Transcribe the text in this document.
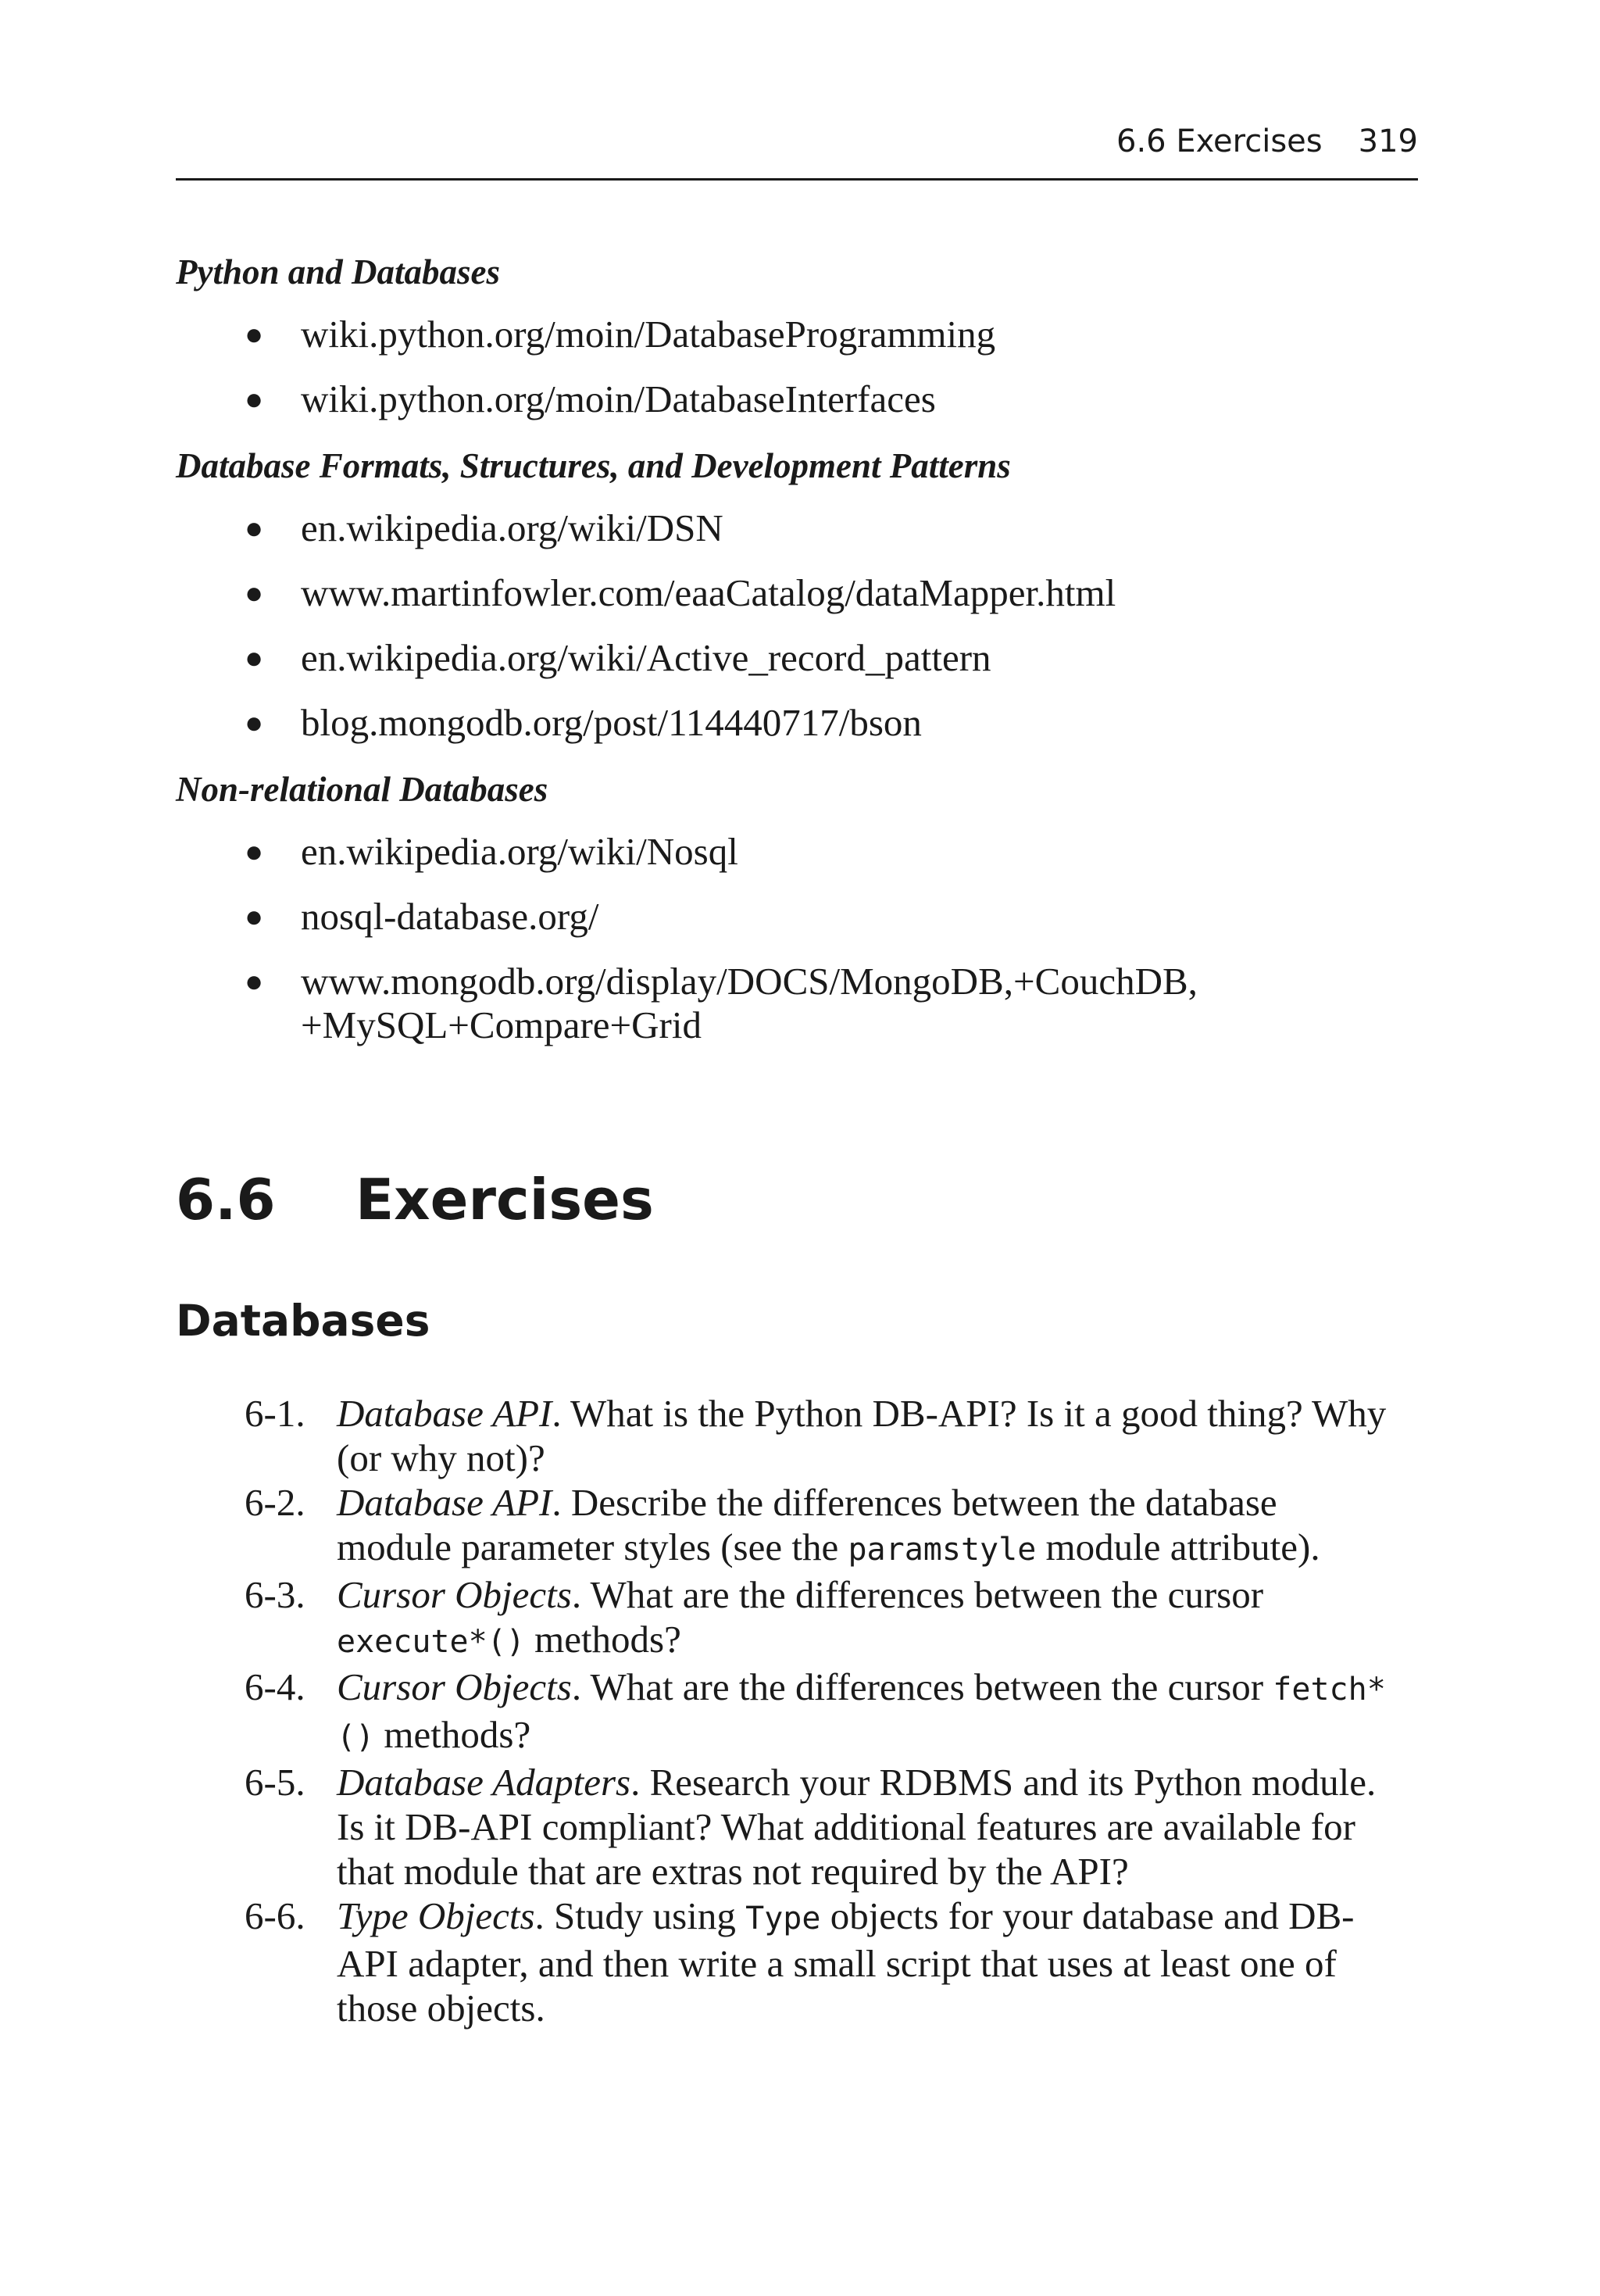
6.6 Exercises 319

Python and Databases

● wiki.python.org/moin/DatabaseProgramming
● wiki.python.org/moin/DatabaseInterfaces

Database Formats, Structures, and Development Patterns

● en.wikipedia.org/wiki/DSN
● www.martinfowler.com/eaaCatalog/dataMapper.html
● en.wikipedia.org/wiki/Active_record_pattern
● blog.mongodb.org/post/114440717/bson

Non-relational Databases

● en.wikipedia.org/wiki/Nosql
● nosql-database.org/
● www.mongodb.org/display/DOCS/MongoDB,+CouchDB, +MySQL+Compare+Grid
6.6 Exercises
Databases
6-1. Database API. What is the Python DB-API? Is it a good thing? Why (or why not)?
6-2. Database API. Describe the differences between the database module parameter styles (see the paramstyle module attribute).
6-3. Cursor Objects. What are the differences between the cursor execute*() methods?
6-4. Cursor Objects. What are the differences between the cursor fetch*() methods?
6-5. Database Adapters. Research your RDBMS and its Python module. Is it DB-API compliant? What additional features are available for that module that are extras not required by the API?
6-6. Type Objects. Study using Type objects for your database and DB-API adapter, and then write a small script that uses at least one of those objects.
